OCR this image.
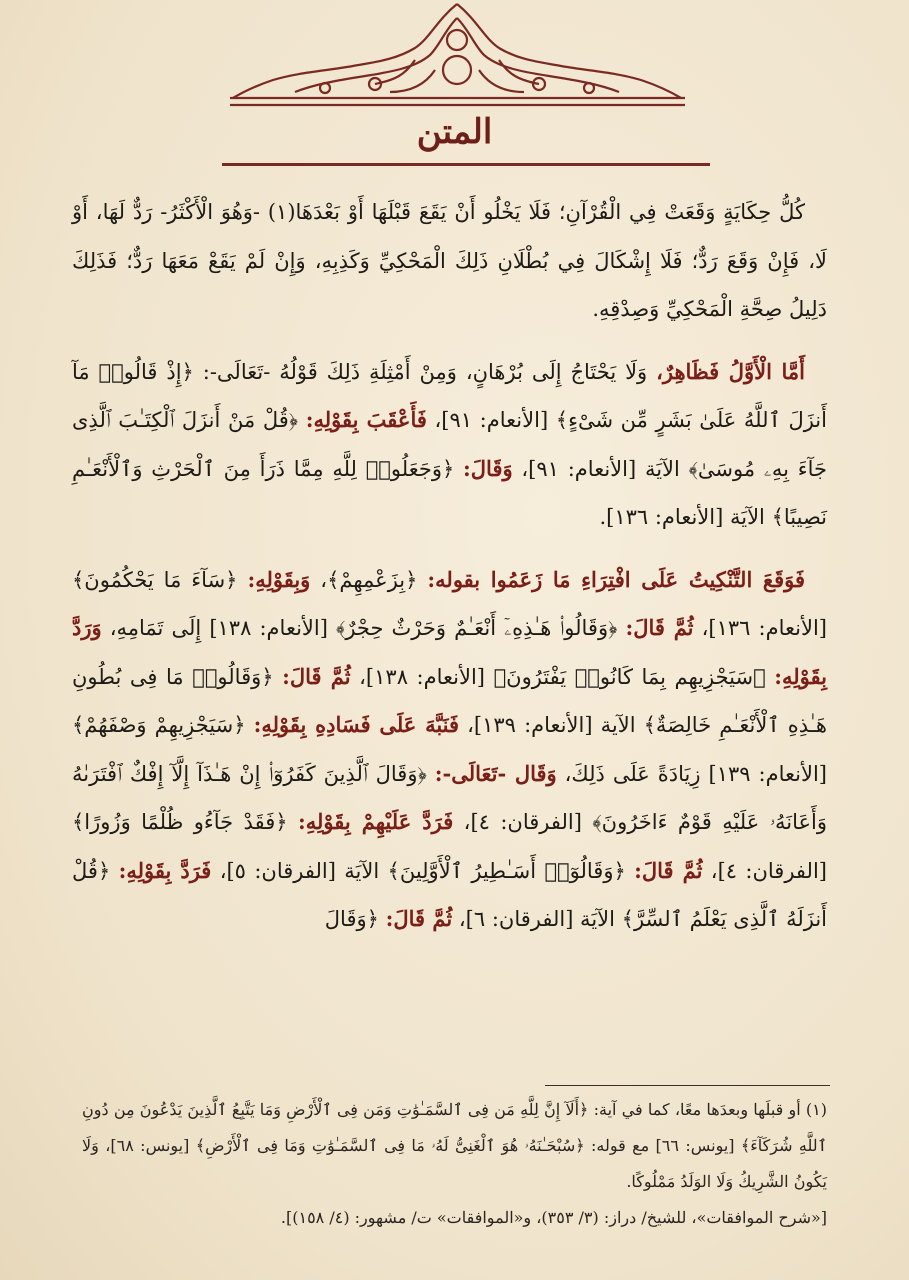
المتن

كُلُّ حِكَايَةٍ وَقَعَتْ فِي الْقُرْآنِ؛ فَلَا يَخْلُو أَنْ يَقَعَ قَبْلَهَا أَوْ بَعْدَهَا(١) -وَهُوَ الْأَكْثَرُ- رَدٌّ لَهَا، أَوْ لَا، فَإِنْ وَقَعَ رَدٌّ؛ فَلَا إِشْكَالَ فِي بُطْلَانِ ذَلِكَ الْمَحْكِيِّ وَكَذِبِهِ، وَإِنْ لَمْ يَقَعْ مَعَهَا رَدٌّ؛ فَذَلِكَ دَلِيلُ صِحَّةِ الْمَحْكِيِّ وَصِدْقِهِ.

أَمَّا الْأَوَّلُ فَظَاهِرٌ، وَلَا يَحْتَاجُ إِلَى بُرْهَانٍ، وَمِنْ أَمْثِلَةِ ذَلِكَ قَوْلُهُ -تَعَالَى-: ﴿إِذْ قَالُوا۟ مَآ أَنزَلَ ٱللَّهُ عَلَىٰ بَشَرٍ مِّن شَىْءٍ﴾ [الأنعام: ٩١]، فَأَعْقَبَ بِقَوْلِهِ: ﴿قُلْ مَنْ أَنزَلَ ٱلْكِتَـٰبَ ٱلَّذِى جَآءَ بِهِۦ مُوسَىٰ﴾ الآيَة [الأنعام: ٩١]، وَقَالَ: ﴿وَجَعَلُوا۟ لِلَّهِ مِمَّا ذَرَأَ مِنَ ٱلْحَرْثِ وَٱلْأَنْعَـٰمِ نَصِيبًا﴾ الآيَة [الأنعام: ١٣٦].

فَوَقَعَ التَّنْكِيتُ عَلَى افْتِرَاءِ مَا زَعَمُوا بقوله: ﴿بِزَعْمِهِمْ﴾، وَبِقَوْلِهِ: ﴿سَآءَ مَا يَحْكُمُونَ﴾ [الأنعام: ١٣٦]، ثُمَّ قَالَ: ﴿وَقَالُوا۟ هَـٰذِهِۦٓ أَنْعَـٰمٌ وَحَرْثٌ حِجْرٌ﴾ [الأنعام: ١٣٨] إِلَى تَمَامِهِ، وَرَدَّ بِقَوْلِهِ: ﴿سَيَجْزِيهِم بِمَا كَانُوا۟ يَفْتَرُونَ﴾ [الأنعام: ١٣٨]، ثُمَّ قَالَ: ﴿وَقَالُوا۟ مَا فِى بُطُونِ هَـٰذِهِ ٱلْأَنْعَـٰمِ خَالِصَةٌ﴾ الآية [الأنعام: ١٣٩]، فَنَبَّهَ عَلَى فَسَادِهِ بِقَوْلِهِ: ﴿سَيَجْزِيهِمْ وَصْفَهُمْ﴾ [الأنعام: ١٣٩] زِيَادَةً عَلَى ذَلِكَ، وَقَال -تَعَالَى-: ﴿وَقَالَ ٱلَّذِينَ كَفَرُوٓا۟ إِنْ هَـٰذَآ إِلَّآ إِفْكٌ ٱفْتَرَىٰهُ وَأَعَانَهُۥ عَلَيْهِ قَوْمٌ ءَاخَرُونَ﴾ [الفرقان: ٤]، فَرَدَّ عَلَيْهِمْ بِقَوْلِهِ: ﴿فَقَدْ جَآءُو ظُلْمًا وَزُورًا﴾ [الفرقان: ٤]، ثُمَّ قَالَ: ﴿وَقَالُوٓا۟ أَسَـٰطِيرُ ٱلْأَوَّلِينَ﴾ الآيَة [الفرقان: ٥]، فَرَدَّ بِقَوْلِهِ: ﴿قُلْ أَنزَلَهُ ٱلَّذِى يَعْلَمُ ٱلسِّرَّ﴾ الآيَة [الفرقان: ٦]، ثُمَّ قَالَ: ﴿وَقَالَ

(١) أو قبلَها وبعدَها معًا، كما في آية: ﴿أَلَآ إِنَّ لِلَّهِ مَن فِى ٱلسَّمَـٰوَٰتِ وَمَن فِى ٱلْأَرْضِ وَمَا يَتَّبِعُ ٱلَّذِينَ يَدْعُونَ مِن دُونِ ٱللَّهِ شُرَكَآءَ﴾ [يونس: ٦٦] مع قوله: ﴿سُبْحَـٰنَهُۥ هُوَ ٱلْغَنِىُّ لَهُۥ مَا فِى ٱلسَّمَـٰوَٰتِ وَمَا فِى ٱلْأَرْضِ﴾ [يونس: ٦٨]، وَلَا يَكُونُ الشَّرِيكُ وَلَا الوَلَدُ مَمْلُوكًا.

[«شرح الموافقات»، للشيخ/ دراز: (٣/ ٣٥٣)، و«الموافقات» ت/ مشهور: (٤/ ١٥٨)].
